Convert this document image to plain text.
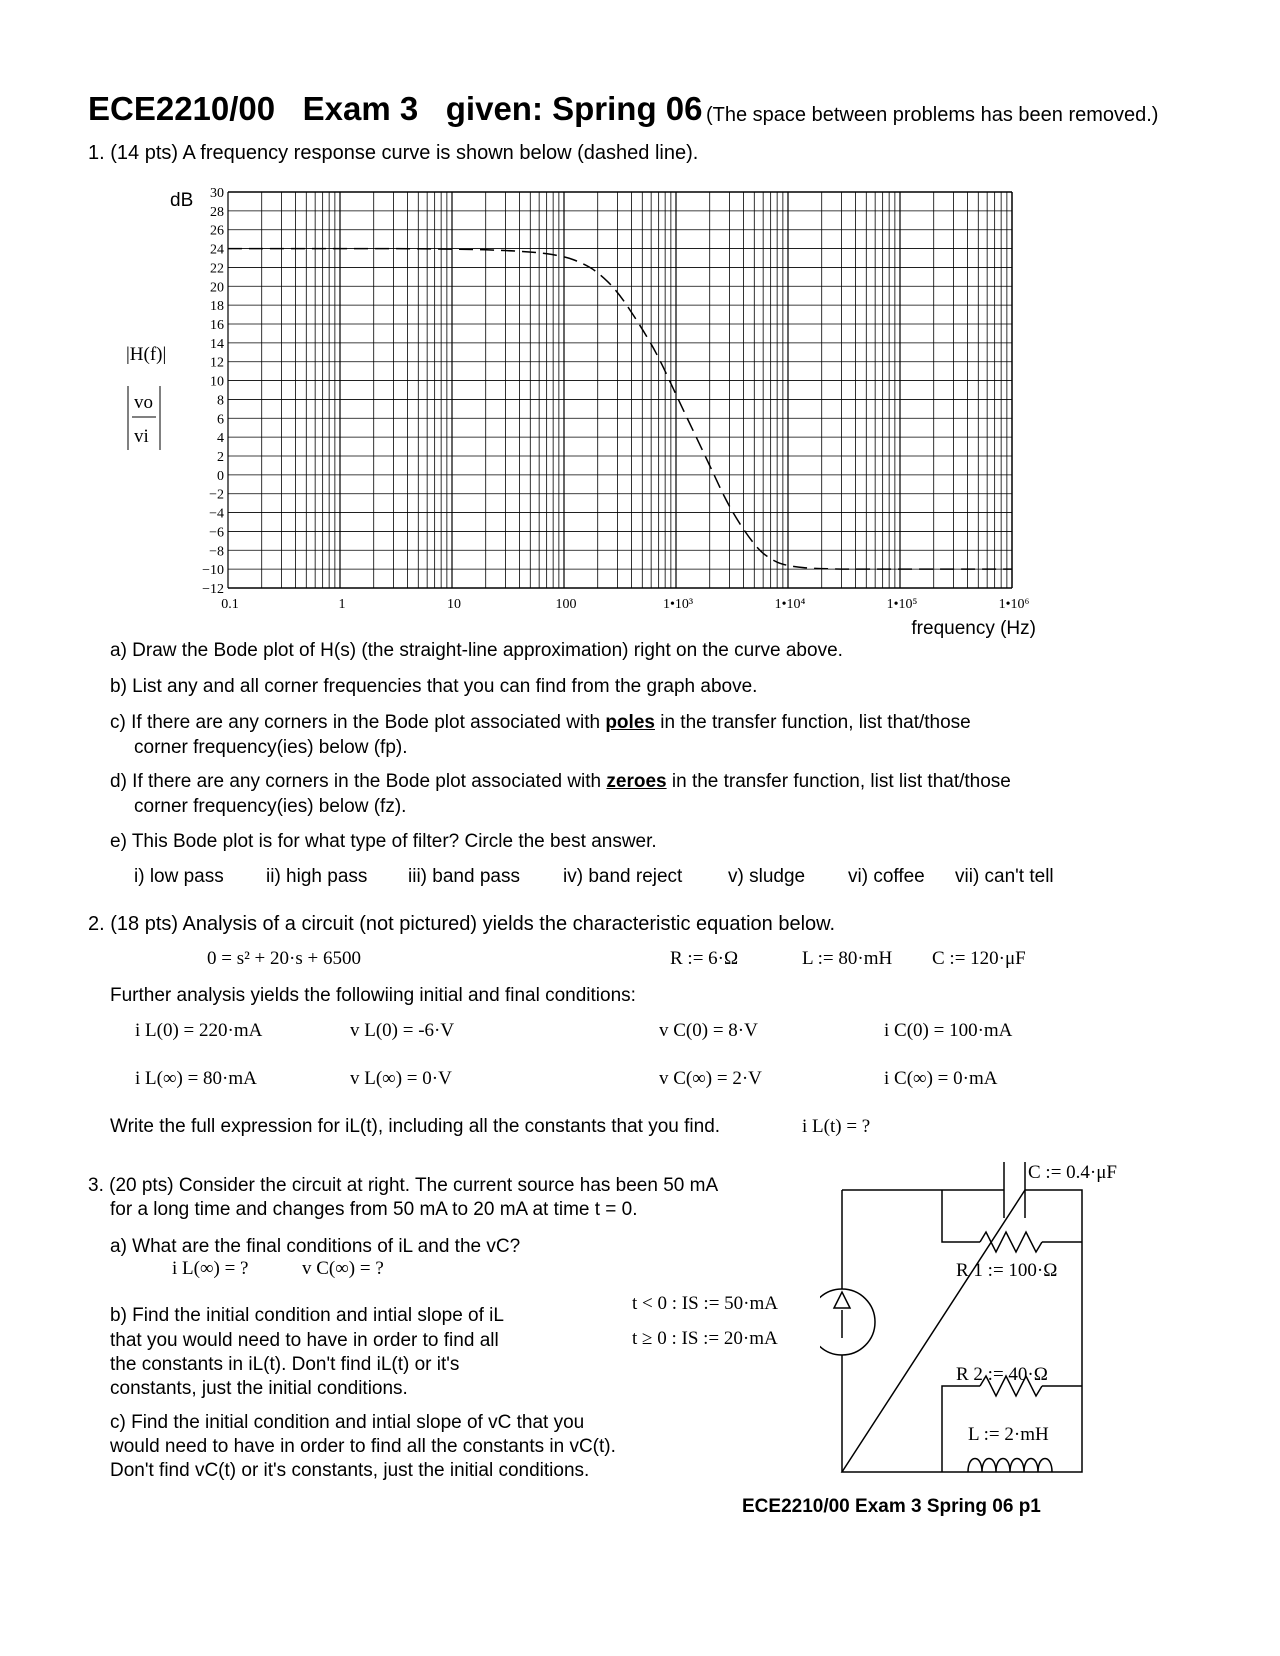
ECE2210/00 Exam 3 given: Spring 06 (The space between problems has been removed.)
1. (14 pts) A frequency response curve is shown below (dashed line).
30
28
26
24
22
20
18
16
14
12
10
8
6
4
2
0
−2
−4
−6
−8
−10
−12
0.1	1	10	100	1•10³	1•10⁴	1•10⁵	1•10⁶
dB
|H(f)|
vo
vi
frequency (Hz)
a) Draw the Bode plot of H(s) (the straight-line approximation) right on the curve above.
b) List any and all corner frequencies that you can find from the graph above.
c) If there are any corners in the Bode plot associated with poles in the transfer function, list that/those
corner frequency(ies) below (fp).
d) If there are any corners in the Bode plot associated with zeroes in the transfer function, list list that/those
corner frequency(ies) below (fz).
e) This Bode plot is for what type of filter? Circle the best answer.
i) low pass ii) high pass iii) band pass iv) band reject v) sludge vi) coffee vii) can't tell
2. (18 pts) Analysis of a circuit (not pictured) yields the characteristic equation below.
0 = s² + 20·s + 6500	R := 6·Ω	L := 80·mH C := 120·μF
Further analysis yields the followiing initial and final conditions:
i L(0) = 220·mA	v L(0) = -6·V	v C(0) = 8·V	i C(0) = 100·mA
i L(∞) = 80·mA	v L(∞) = 0·V	v C(∞) = 2·V	i C(∞) = 0·mA
Write the full expression for iL(t), including all the constants that you find.	i L(t) = ?
3. (20 pts) Consider the circuit at right. The current source has been 50 mA
for a long time and changes from 50 mA to 20 mA at time t = 0.
a) What are the final conditions of iL and the vC?
i L(∞) = ?	v C(∞) = ?
b) Find the initial condition and intial slope of iL
that you would need to have in order to find all
the constants in iL(t). Don't find iL(t) or it's
constants, just the initial conditions.
c) Find the initial condition and intial slope of vC that you
would need to have in order to find all the constants in vC(t).
Don't find vC(t) or it's constants, just the initial conditions.
t < 0 : IS := 50·mA
t ≥ 0 : IS := 20·mA
C := 0.4·μF
R 1 := 100·Ω
R 2 := 40·Ω
L := 2·mH
ECE2210/00 Exam 3 Spring 06 p1
